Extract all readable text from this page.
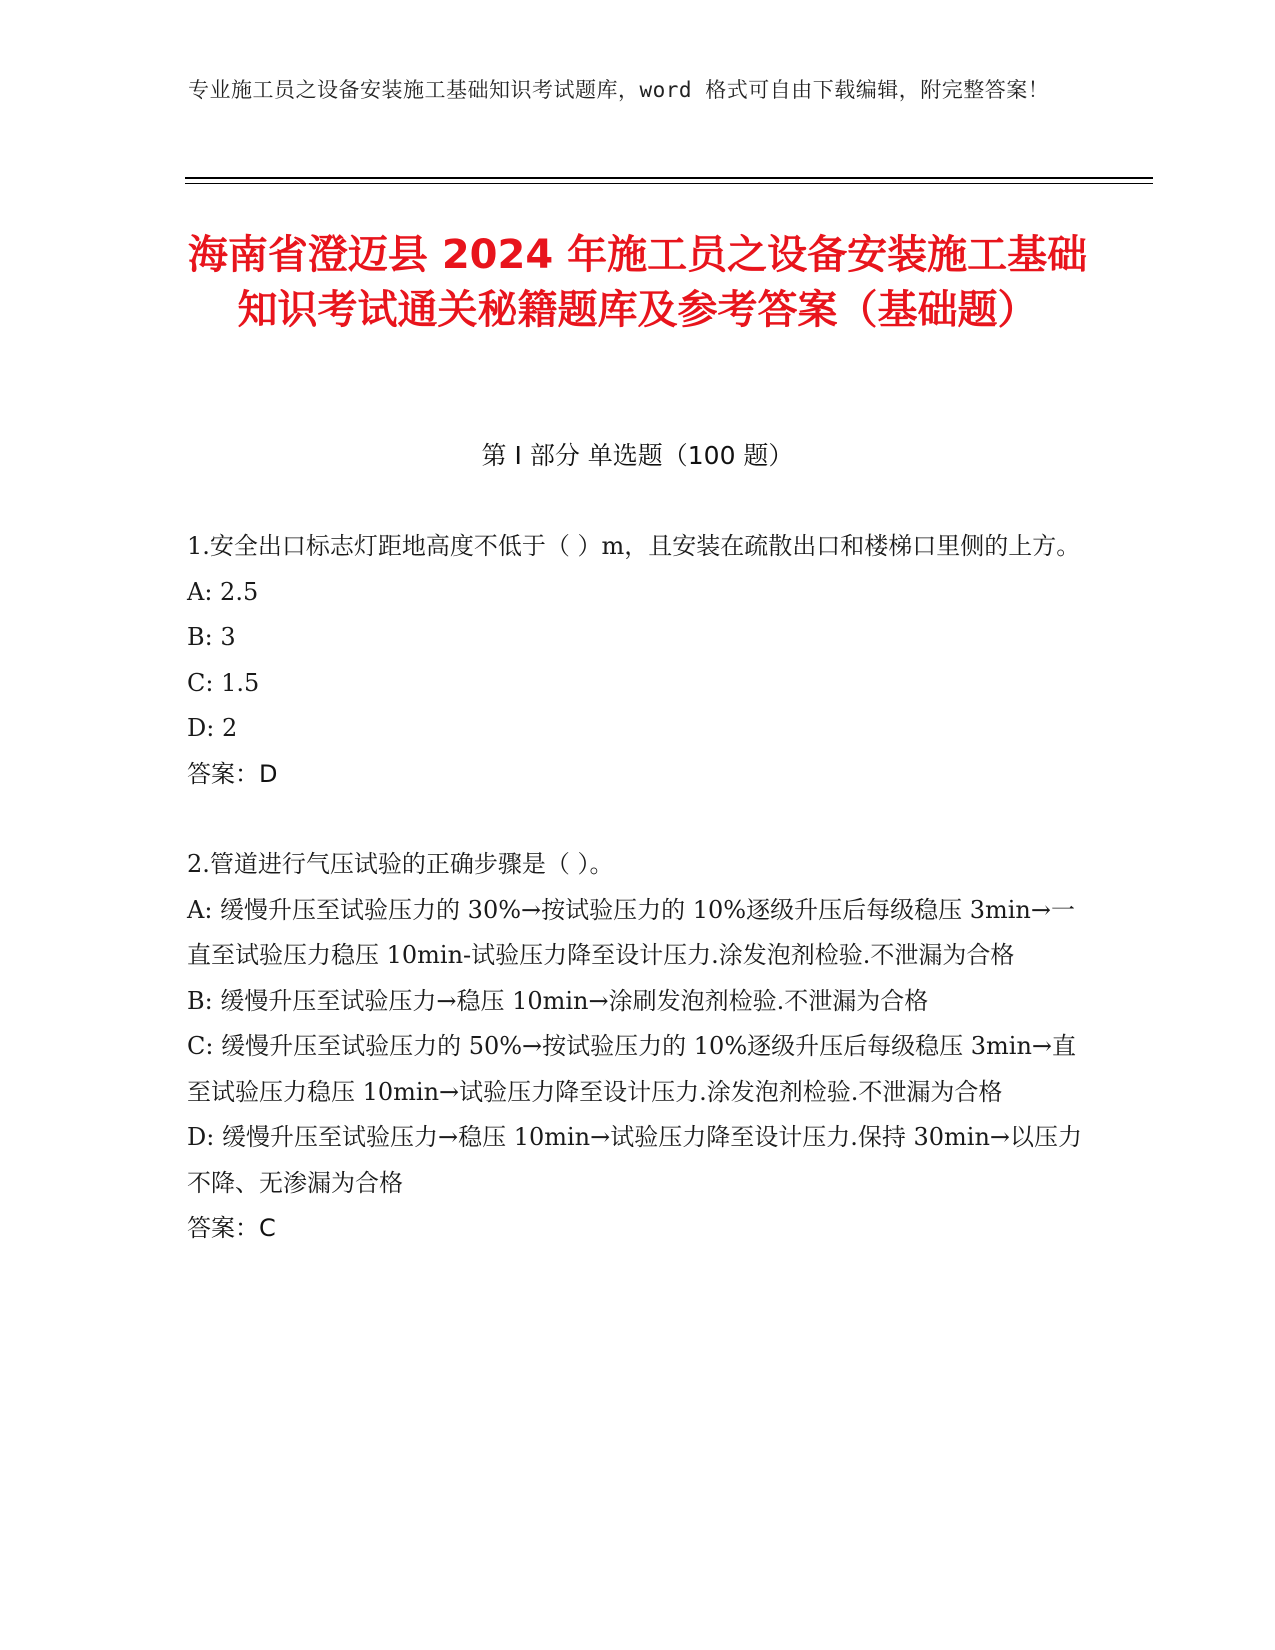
专业施工员之设备安装施工基础知识考试题库，word 格式可自由下载编辑，附完整答案！
海南省澄迈县 2024 年施工员之设备安装施工基础知识考试通关秘籍题库及参考答案（基础题）
第 I 部分 单选题（100 题）

1.安全出口标志灯距地高度不低于（ ）m，且安装在疏散出口和楼梯口里侧的上方。

A: 2.5

B: 3

C: 1.5

D: 2

答案：D

2.管道进行气压试验的正确步骤是（ ）。

A: 缓慢升压至试验压力的 30%→按试验压力的 10%逐级升压后每级稳压 3min→一直至试验压力稳压 10min-试验压力降至设计压力.涂发泡剂检验.不泄漏为合格

B: 缓慢升压至试验压力→稳压 10min→涂刷发泡剂检验.不泄漏为合格

C: 缓慢升压至试验压力的 50%→按试验压力的 10%逐级升压后每级稳压 3min→直至试验压力稳压 10min→试验压力降至设计压力.涂发泡剂检验.不泄漏为合格

D: 缓慢升压至试验压力→稳压 10min→试验压力降至设计压力.保持 30min→以压力不降、无渗漏为合格

答案：C
